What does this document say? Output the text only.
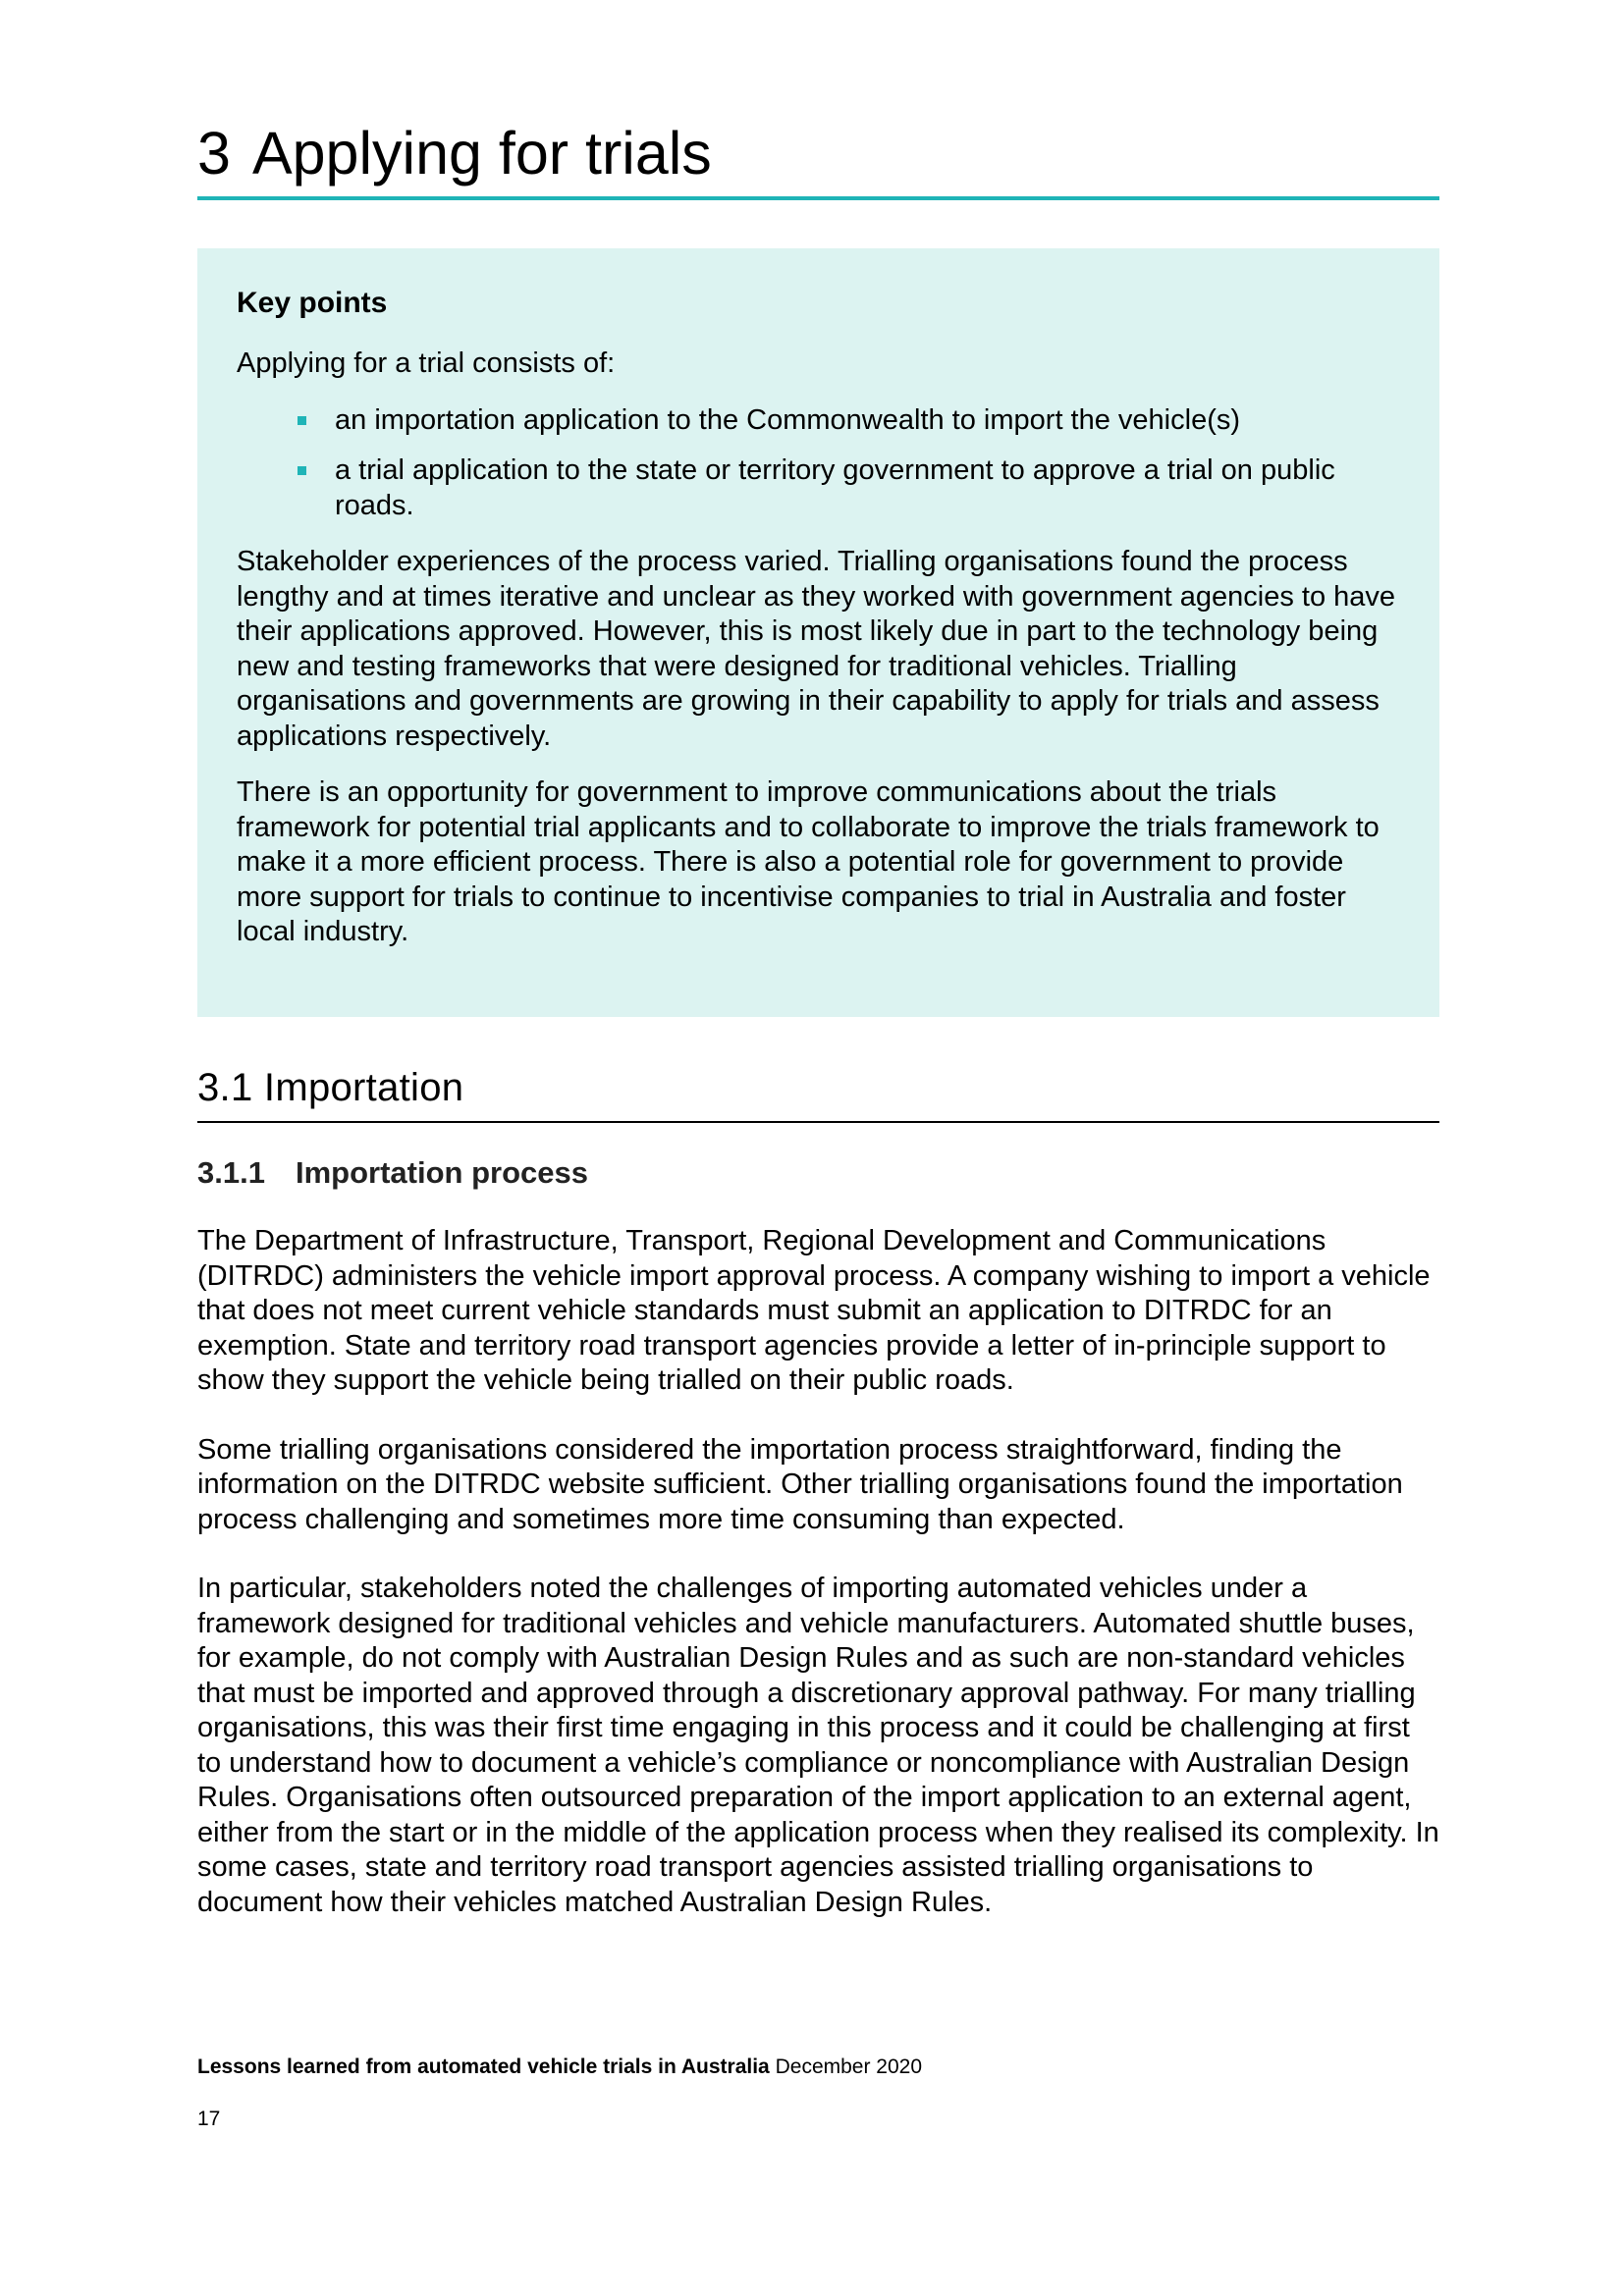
3 Applying for trials

Key points

Applying for a trial consists of:

an importation application to the Commonwealth to import the vehicle(s)
a trial application to the state or territory government to approve a trial on public roads.

Stakeholder experiences of the process varied. Trialling organisations found the process lengthy and at times iterative and unclear as they worked with government agencies to have their applications approved. However, this is most likely due in part to the technology being new and testing frameworks that were designed for traditional vehicles. Trialling organisations and governments are growing in their capability to apply for trials and assess applications respectively.

There is an opportunity for government to improve communications about the trials framework for potential trial applicants and to collaborate to improve the trials framework to make it a more efficient process. There is also a potential role for government to provide more support for trials to continue to incentivise companies to trial in Australia and foster local industry.

3.1 Importation
3.1.1 Importation process

The Department of Infrastructure, Transport, Regional Development and Communications (DITRDC) administers the vehicle import approval process. A company wishing to import a vehicle that does not meet current vehicle standards must submit an application to DITRDC for an exemption. State and territory road transport agencies provide a letter of in-principle support to show they support the vehicle being trialled on their public roads.

Some trialling organisations considered the importation process straightforward, finding the information on the DITRDC website sufficient. Other trialling organisations found the importation process challenging and sometimes more time consuming than expected.

In particular, stakeholders noted the challenges of importing automated vehicles under a framework designed for traditional vehicles and vehicle manufacturers. Automated shuttle buses, for example, do not comply with Australian Design Rules and as such are non-standard vehicles that must be imported and approved through a discretionary approval pathway. For many trialling organisations, this was their first time engaging in this process and it could be challenging at first to understand how to document a vehicle’s compliance or noncompliance with Australian Design Rules. Organisations often outsourced preparation of the import application to an external agent, either from the start or in the middle of the application process when they realised its complexity. In some cases, state and territory road transport agencies assisted trialling organisations to document how their vehicles matched Australian Design Rules.

Lessons learned from automated vehicle trials in Australia December 2020

17
